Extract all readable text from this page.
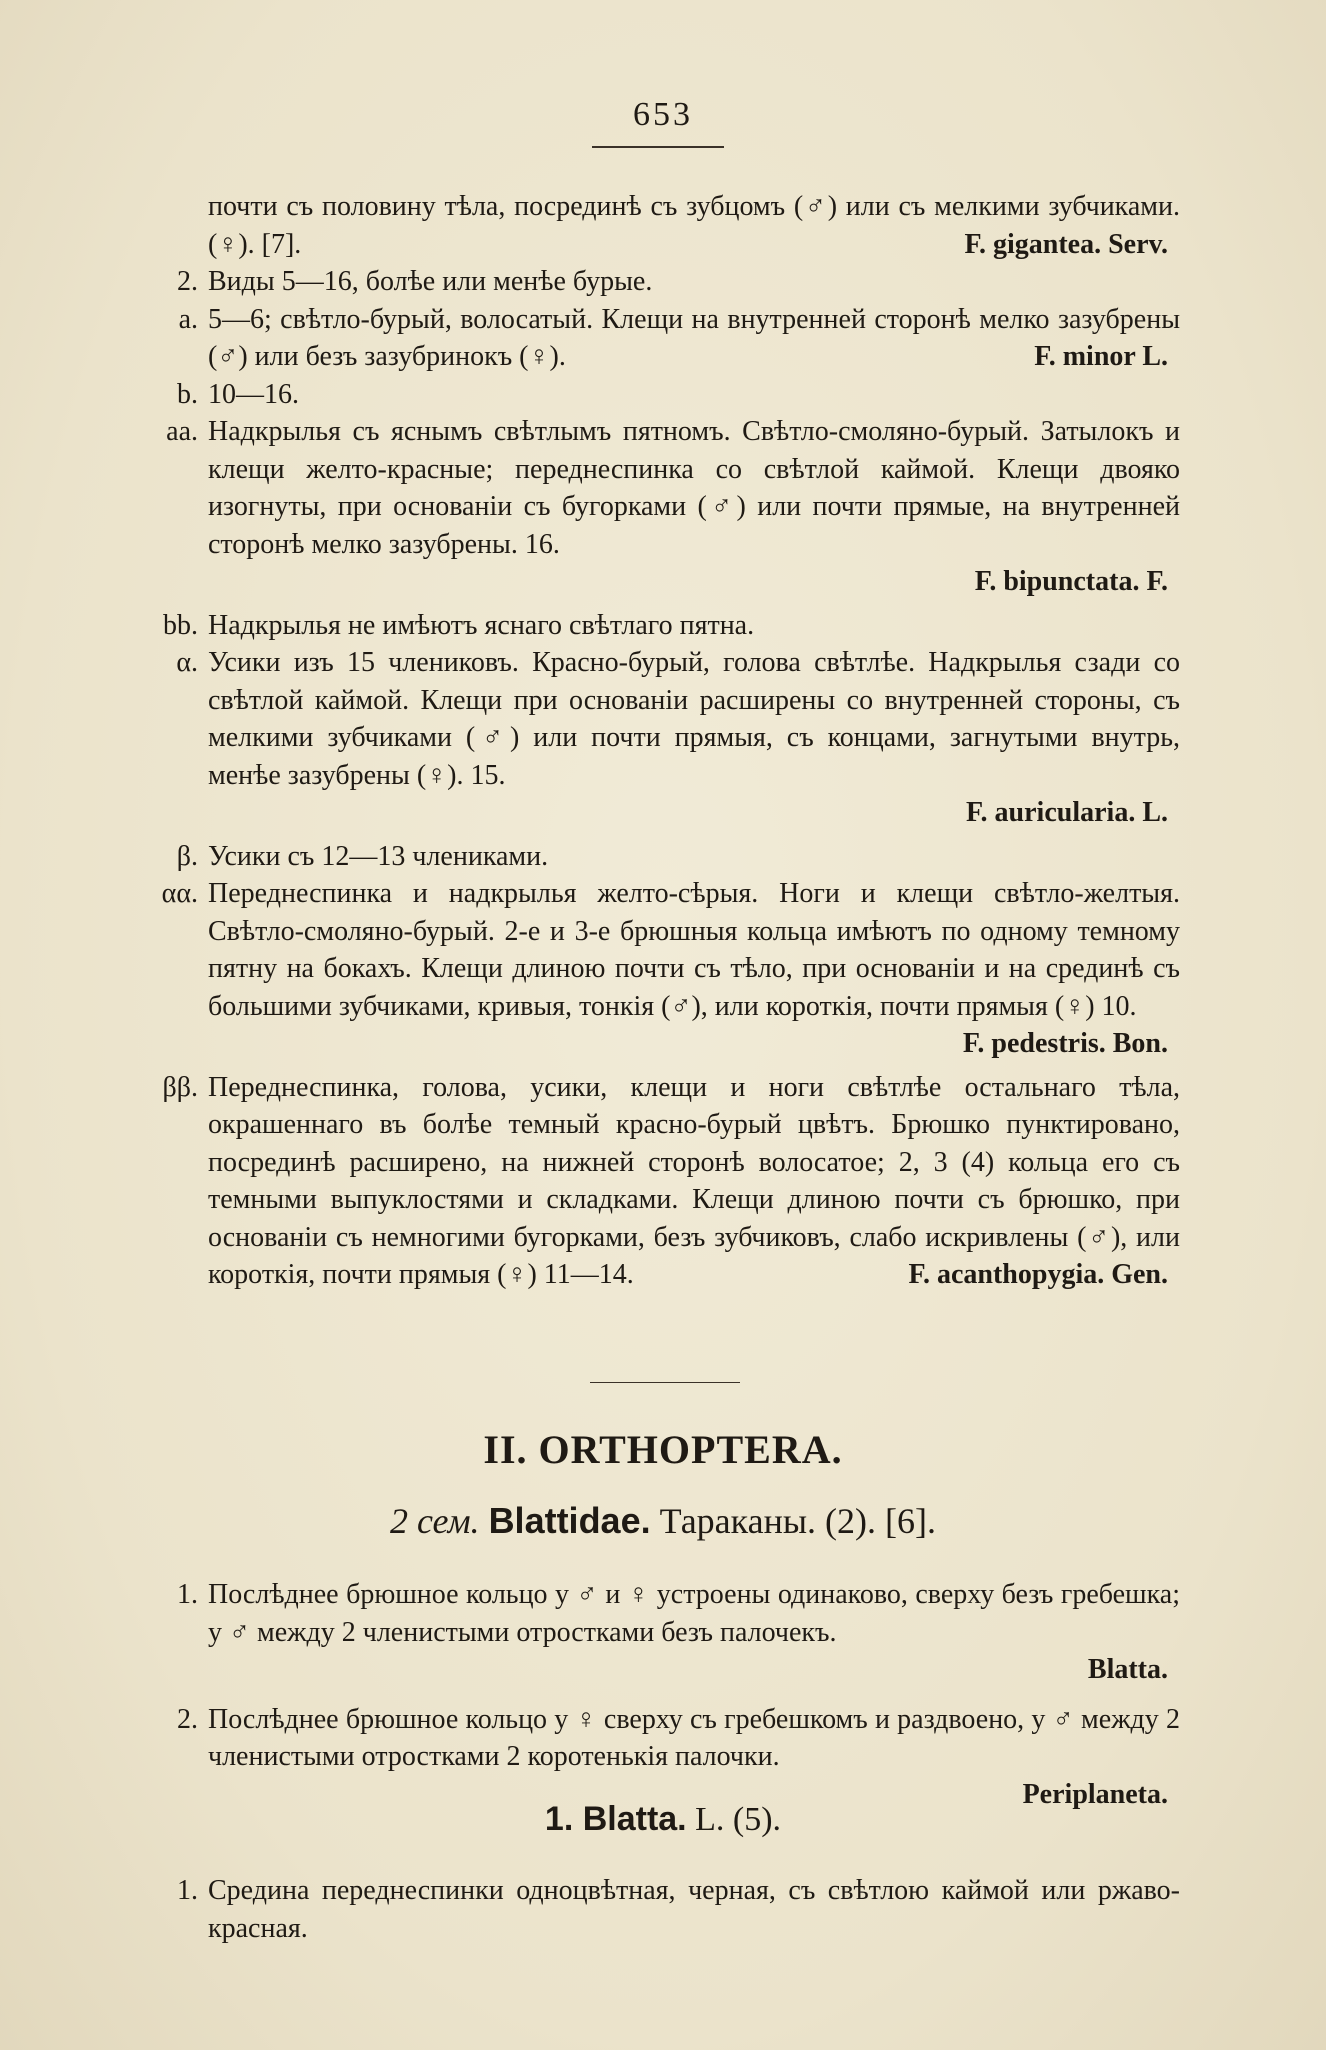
653
почти съ половину тѣла, посрединѣ съ зубцомъ (♂) или съ мелкими зубчиками. (♀). [7].	F. gigantea. Serv.
2. Виды 5—16, болѣе или менѣе бурые.
a. 5—6; свѣтло-бурый, волосатый. Клещи на внутренней сторонѣ мелко зазубрены (♂) или безъ зазубринокъ (♀).	F. minor L.
b. 10—16.
aa. Надкрылья съ яснымъ свѣтлымъ пятномъ. Свѣтло-смоляно-бурый. Затылокъ и клещи желто-красные; переднеспинка со свѣтлой каймой. Клещи двояко изогнуты, при основаніи съ бугорками (♂) или почти прямые, на внутренней сторонѣ мелко зазубрены. 16.
F. bipunctata. F.
bb. Надкрылья не имѣютъ яснаго свѣтлаго пятна.
α. Усики изъ 15 члениковъ. Красно-бурый, голова свѣтлѣе. Надкрылья сзади со свѣтлой каймой. Клещи при основаніи расширены со внутренней стороны, съ мелкими зубчиками (♂) или почти прямыя, съ концами, загнутыми внутрь, менѣе зазубрены (♀). 15.
F. auricularia. L.
β. Усики съ 12—13 члениками.
αα. Переднеспинка и надкрылья желто-сѣрыя. Ноги и клещи свѣтло-желтыя. Свѣтло-смоляно-бурый. 2-е и 3-е брюшныя кольца имѣютъ по одному темному пятну на бокахъ. Клещи длиною почти съ тѣло, при основаніи и на срединѣ съ большими зубчиками, кривыя, тонкія (♂), или короткія, почти прямыя (♀) 10.
F. pedestris. Bon.
ββ. Переднеспинка, голова, усики, клещи и ноги свѣтлѣе остальнаго тѣла, окрашеннаго въ болѣе темный красно-бурый цвѣтъ. Брюшко пунктировано, посрединѣ расширено, на нижней сторонѣ волосатое; 2, 3 (4) кольца его съ темными выпуклостями и складками. Клещи длиною почти съ брюшко, при основаніи съ немногими бугорками, безъ зубчиковъ, слабо искривлены (♂), или короткія, почти прямыя (♀) 11—14.	F. acanthopygia. Gen.
II. ORTHOPTERA.
2 сем. Blattidae. Тараканы. (2). [6].
1. Послѣднее брюшное кольцо у ♂ и ♀ устроены одинаково, сверху безъ гребешка; у ♂ между 2 членистыми отростками безъ палочекъ.
Blatta.
2. Послѣднее брюшное кольцо у ♀ сверху съ гребешкомъ и раздвоено, у ♂ между 2 членистыми отростками 2 коротенькія палочки.
Periplaneta.
1. Blatta. L. (5).
1. Средина переднеспинки одноцвѣтная, черная, съ свѣтлою каймой или ржаво-красная.
